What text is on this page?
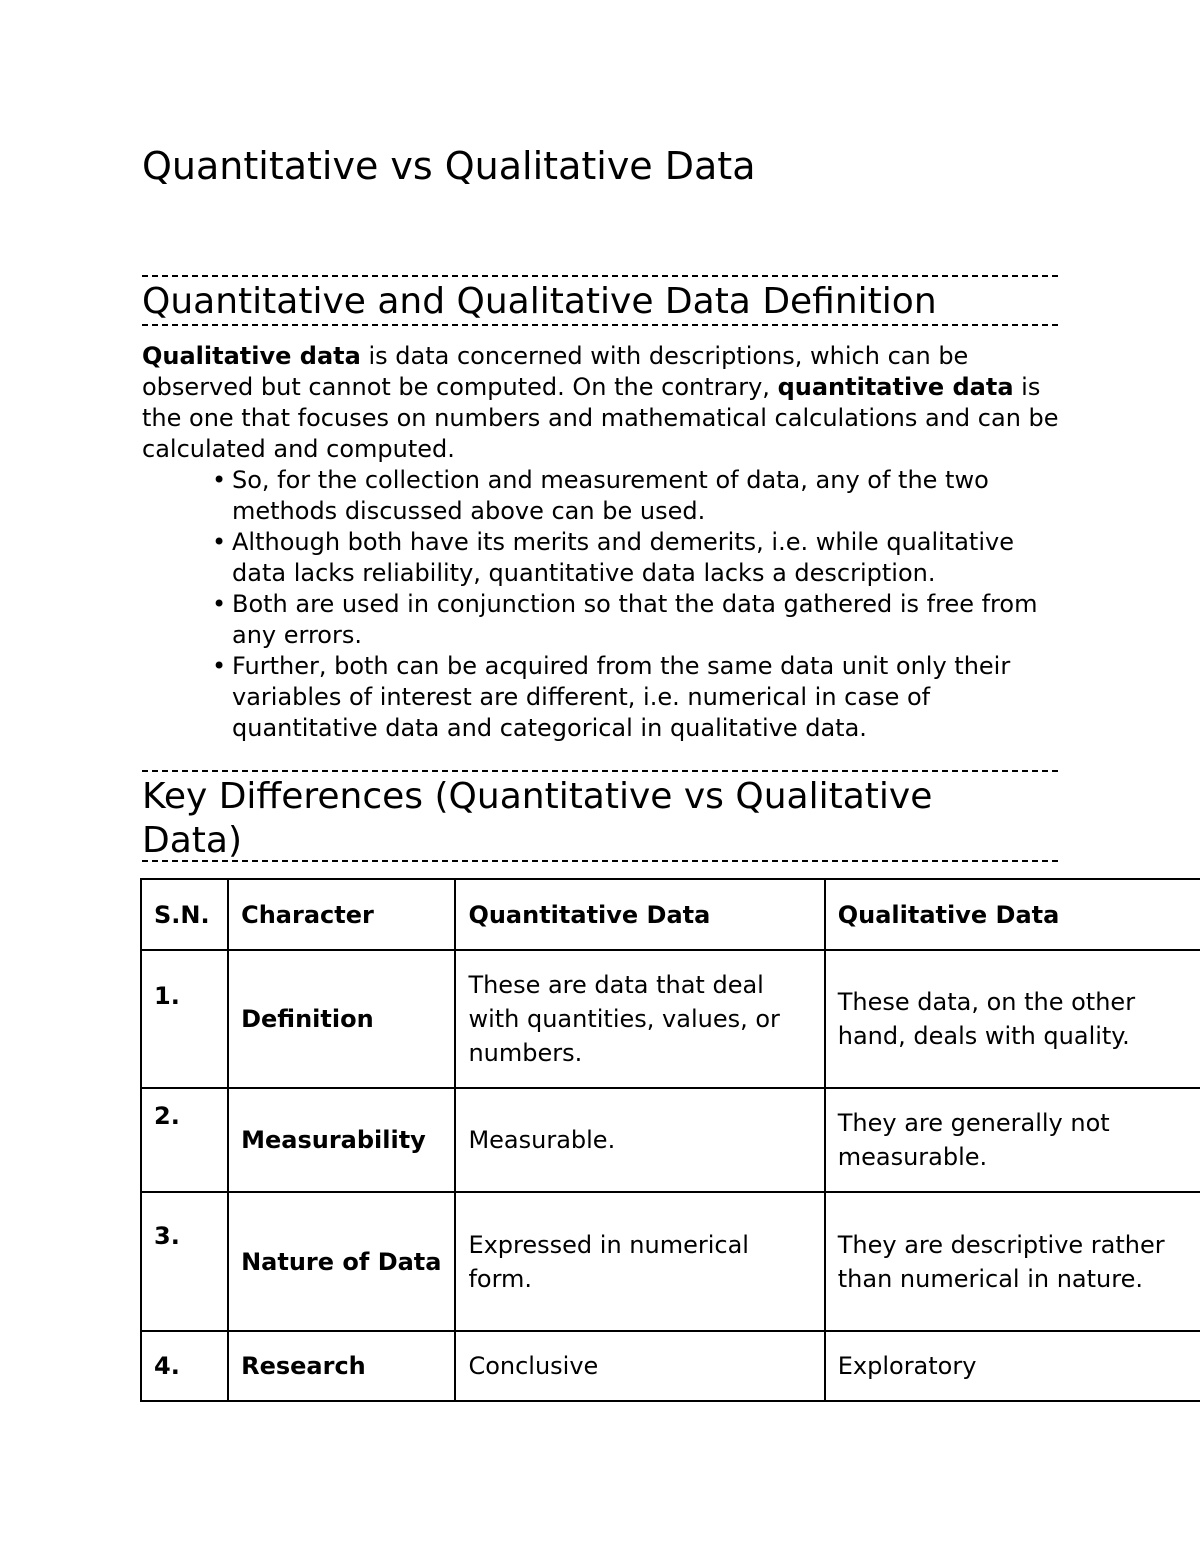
Quantitative vs Qualitative Data
Quantitative and Qualitative Data Definition

Qualitative data is data concerned with descriptions, which can be observed but cannot be computed. On the contrary, quantitative data is the one that focuses on numbers and mathematical calculations and can be calculated and computed.

• So, for the collection and measurement of data, any of the two methods discussed above can be used.
• Although both have its merits and demerits, i.e. while qualitative data lacks reliability, quantitative data lacks a description.
• Both are used in conjunction so that the data gathered is free from any errors.
• Further, both can be acquired from the same data unit only their variables of interest are different, i.e. numerical in case of quantitative data and categorical in qualitative data.
Key Differences (Quantitative vs Qualitative Data)
S.N.	Character	Quantitative Data	Qualitative Data
1.	Definition	These are data that deal with quantities, values, or numbers.	These data, on the other hand, deals with quality.
2.	Measurability	Measurable.	They are generally not measurable.
3.	Nature of Data	Expressed in numerical form.	They are descriptive rather than numerical in nature.
4.	Research	Conclusive	Exploratory
